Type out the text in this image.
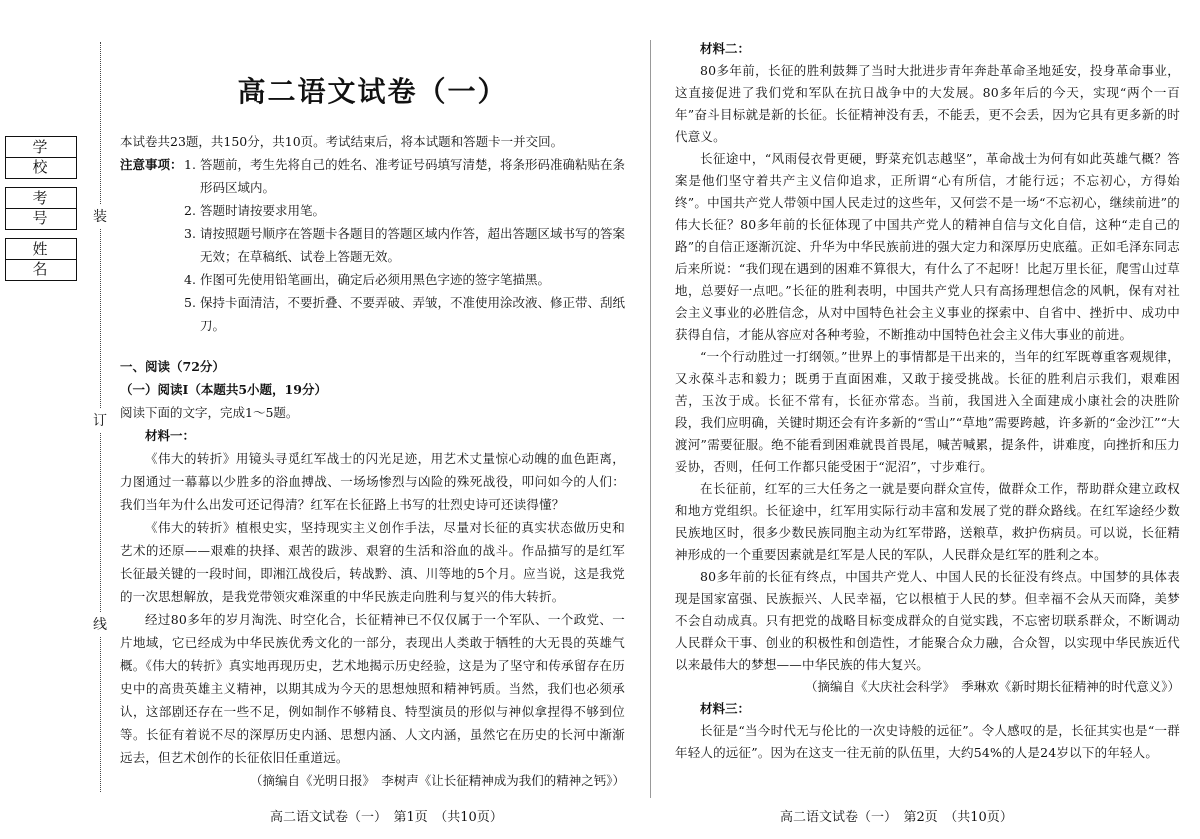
学 校
考 号
姓 名
装
订
线
高二语文试卷（一）

本试卷共23题，共150分，共10页。考试结束后，将本试题和答题卡一并交回。

注意事项： 1. 答题前，考生先将自己的姓名、准考证号码填写清楚，将条形码准确粘贴在条形码区域内。
2. 答题时请按要求用笔。
3. 请按照题号顺序在答题卡各题目的答题区域内作答，超出答题区域书写的答案无效；在草稿纸、试卷上答题无效。
4. 作图可先使用铅笔画出，确定后必须用黑色字迹的签字笔描黑。
5. 保持卡面清洁，不要折叠、不要弄破、弄皱，不准使用涂改液、修正带、刮纸刀。

一、阅读（72分）

（一）阅读Ⅰ（本题共5小题，19分）

阅读下面的文字，完成1～5题。

材料一：

《伟大的转折》用镜头寻觅红军战士的闪光足迹，用艺术丈量惊心动魄的血色距离，力图通过一幕幕以少胜多的浴血搏战、一场场惨烈与凶险的殊死战役，叩问如今的人们：我们当年为什么出发可还记得清？红军在长征路上书写的壮烈史诗可还读得懂？

《伟大的转折》植根史实，坚持现实主义创作手法，尽量对长征的真实状态做历史和艺术的还原——艰难的抉择、艰苦的跋涉、艰窘的生活和浴血的战斗。作品描写的是红军长征最关键的一段时间，即湘江战役后，转战黔、滇、川等地的5个月。应当说，这是我党的一次思想解放，是我党带领灾难深重的中华民族走向胜利与复兴的伟大转折。

经过80多年的岁月淘洗、时空化合，长征精神已不仅仅属于一个军队、一个政党、一片地域，它已经成为中华民族优秀文化的一部分，表现出人类敢于牺牲的大无畏的英雄气概。《伟大的转折》真实地再现历史，艺术地揭示历史经验，这是为了坚守和传承留存在历史中的高贵英雄主义精神，以期其成为今天的思想烛照和精神钙质。当然，我们也必须承认，这部剧还存在一些不足，例如制作不够精良、特型演员的形似与神似拿捏得不够到位等。长征有着说不尽的深厚历史内涵、思想内涵、人文内涵，虽然它在历史的长河中渐渐远去，但艺术创作的长征依旧任重道远。

（摘编自《光明日报》　李树声《让长征精神成为我们的精神之钙》）

材料二：

80多年前，长征的胜利鼓舞了当时大批进步青年奔赴革命圣地延安，投身革命事业，这直接促进了我们党和军队在抗日战争中的大发展。80多年后的今天，实现“两个一百年”奋斗目标就是新的长征。长征精神没有丢，不能丢，更不会丢，因为它具有更多新的时代意义。

长征途中，“风雨侵衣骨更硬，野菜充饥志越坚”，革命战士为何有如此英雄气概？答案是他们坚守着共产主义信仰追求，正所谓“心有所信，才能行远；不忘初心，方得始终”。中国共产党人带领中国人民走过的这些年，又何尝不是一场“不忘初心，继续前进”的伟大长征？80多年前的长征体现了中国共产党人的精神自信与文化自信，这种“走自己的路”的自信正逐渐沉淀、升华为中华民族前进的强大定力和深厚历史底蕴。正如毛泽东同志后来所说：“我们现在遇到的困难不算很大，有什么了不起呀！比起万里长征，爬雪山过草地，总要好一点吧。”长征的胜利表明，中国共产党人只有高扬理想信念的风帆，保有对社会主义事业的必胜信念，从对中国特色社会主义事业的探索中、自省中、挫折中、成功中获得自信，才能从容应对各种考验，不断推动中国特色社会主义伟大事业的前进。

“一个行动胜过一打纲领。”世界上的事情都是干出来的，当年的红军既尊重客观规律，又永葆斗志和毅力；既勇于直面困难，又敢于接受挑战。长征的胜利启示我们，艰难困苦，玉汝于成。长征不常有，长征亦常态。当前，我国进入全面建成小康社会的决胜阶段，我们应明确，关键时期还会有许多新的“雪山”“草地”需要跨越，许多新的“金沙江”“大渡河”需要征服。绝不能看到困难就畏首畏尾，喊苦喊累，提条件，讲难度，向挫折和压力妥协，否则，任何工作都只能受困于“泥沼”，寸步难行。

在长征前，红军的三大任务之一就是要向群众宣传，做群众工作，帮助群众建立政权和地方党组织。长征途中，红军用实际行动丰富和发展了党的群众路线。在红军途经少数民族地区时，很多少数民族同胞主动为红军带路，送粮草，救护伤病员。可以说，长征精神形成的一个重要因素就是红军是人民的军队，人民群众是红军的胜利之本。

80多年前的长征有终点，中国共产党人、中国人民的长征没有终点。中国梦的具体表现是国家富强、民族振兴、人民幸福，它以根植于人民的梦。但幸福不会从天而降，美梦不会自动成真。只有把党的战略目标变成群众的自觉实践，不忘密切联系群众，不断调动人民群众干事、创业的积极性和创造性，才能聚合众力融，合众智，以实现中华民族近代以来最伟大的梦想——中华民族的伟大复兴。

（摘编自《大庆社会科学》　季琳欢《新时期长征精神的时代意义》）

材料三：

长征是“当今时代无与伦比的一次史诗般的远征”。令人感叹的是，长征其实也是“一群年轻人的远征”。因为在这支一往无前的队伍里，大约54%的人是24岁以下的年轻人。

高二语文试卷（一）　第1页　（共10页）	高二语文试卷（一）　第2页　（共10页）
